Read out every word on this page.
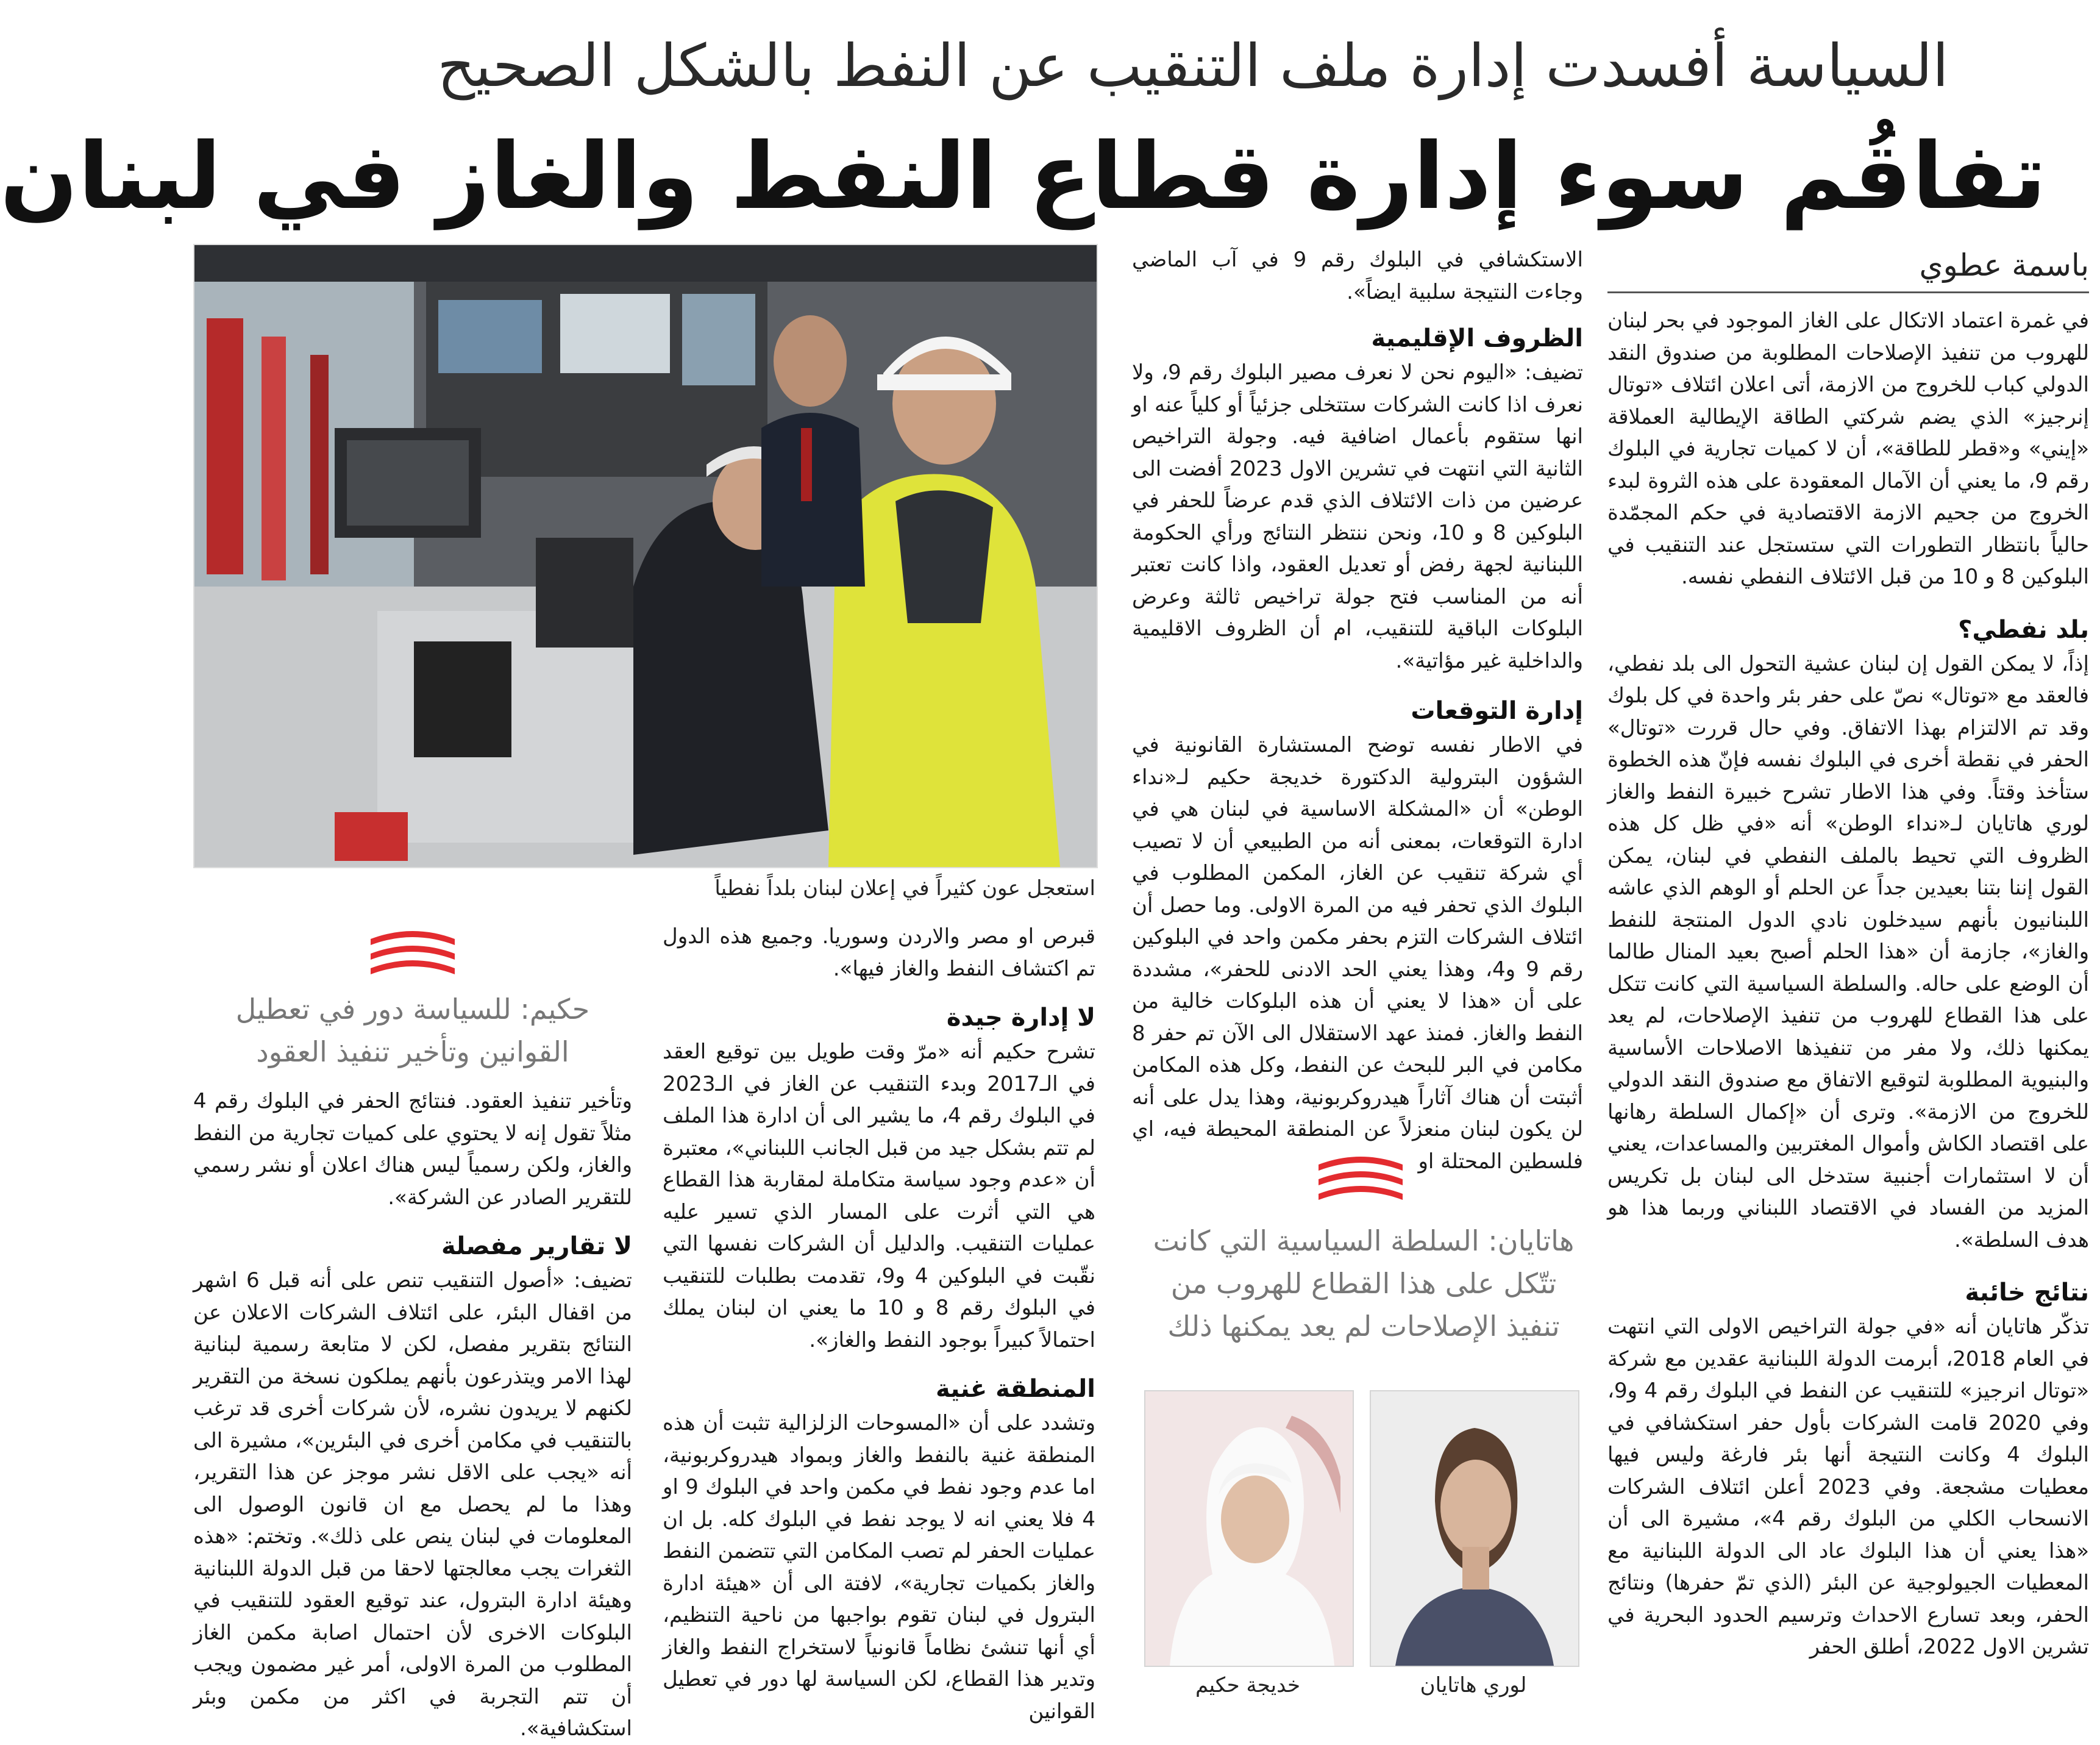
السياسة أفسدت إدارة ملف التنقيب عن النفط بالشكل الصحيح
تفاقُم سوء إدارة قطاع النفط والغاز في لبنان
باسمة عطوي

في غمرة اعتماد الاتكال على الغاز الموجود في بحر لبنان للهروب من تنفيذ الإصلاحات المطلوبة من صندوق النقد الدولي كباب للخروج من الازمة، أتى اعلان ائتلاف «توتال إنرجيز» الذي يضم شركتي الطاقة الإيطالية العملاقة «إيني» و«قطر للطاقة»، أن لا كميات تجارية في البلوك رقم 9، ما يعني أن الآمال المعقودة على هذه الثروة لبدء الخروج من جحيم الازمة الاقتصادية في حكم المجمّدة حالياً بانتظار التطورات التي ستستجل عند التنقيب في البلوكين 8 و 10 من قبل الائتلاف النفطي نفسه.

بلد نفطي؟

إذاً، لا يمكن القول إن لبنان عشية التحول الى بلد نفطي، فالعقد مع «توتال» نصّ على حفر بئر واحدة في كل بلوك وقد تم الالتزام بهذا الاتفاق. وفي حال قررت «توتال» الحفر في نقطة أخرى في البلوك نفسه فإنّ هذه الخطوة ستأخذ وقتاً. وفي هذا الاطار تشرح خبيرة النفط والغاز لوري هاتايان لـ«نداء الوطن» أنه «في ظل كل هذه الظروف التي تحيط بالملف النفطي في لبنان، يمكن القول إننا بتنا بعيدين جداً عن الحلم أو الوهم الذي عاشه اللبنانيون بأنهم سيدخلون نادي الدول المنتجة للنفط والغاز»، جازمة أن «هذا الحلم أصبح بعيد المنال طالما أن الوضع على حاله. والسلطة السياسية التي كانت تتكل على هذا القطاع للهروب من تنفيذ الإصلاحات، لم يعد يمكنها ذلك، ولا مفر من تنفيذها الاصلاحات الأساسية والبنيوية المطلوبة لتوقيع الاتفاق مع صندوق النقد الدولي للخروج من الازمة». وترى أن «إكمال السلطة رهانها على اقتصاد الكاش وأموال المغتربين والمساعدات، يعني أن لا استثمارات أجنبية ستدخل الى لبنان بل تكريس المزيد من الفساد في الاقتصاد اللبناني وربما هذا هو هدف السلطة».

نتائج خائبة

تذكّر هاتايان أنه «في جولة التراخيص الاولى التي انتهت في العام 2018، أبرمت الدولة اللبنانية عقدين مع شركة «توتال انرجيز» للتنقيب عن النفط في البلوك رقم 4 و9، وفي 2020 قامت الشركات بأول حفر استكشافي في البلوك 4 وكانت النتيجة أنها بئر فارغة وليس فيها معطيات مشجعة. وفي 2023 أعلن ائتلاف الشركات الانسحاب الكلي من البلوك رقم 4»، مشيرة الى أن «هذا يعني أن هذا البلوك عاد الى الدولة اللبنانية مع المعطيات الجيولوجية عن البئر (الذي تمّ حفرها) ونتائج الحفر، وبعد تسارع الاحداث وترسيم الحدود البحرية في تشرين الاول 2022، أطلق الحفر

الاستكشافي في البلوك رقم 9 في آب الماضي وجاءت النتيجة سلبية ايضاً».

الظروف الإقليمية

تضيف: «اليوم نحن لا نعرف مصير البلوك رقم 9، ولا نعرف اذا كانت الشركات ستتخلى جزئياً أو كلياً عنه او انها ستقوم بأعمال اضافية فيه. وجولة التراخيص الثانية التي انتهت في تشرين الاول 2023 أفضت الى عرضين من ذات الائتلاف الذي قدم عرضاً للحفر في البلوكين 8 و 10، ونحن ننتظر النتائج ورأي الحكومة اللبنانية لجهة رفض أو تعديل العقود، واذا كانت تعتبر أنه من المناسب فتح جولة تراخيص ثالثة وعرض البلوكات الباقية للتنقيب، ام أن الظروف الاقليمية والداخلية غير مؤاتية».

إدارة التوقعات

في الاطار نفسه توضح المستشارة القانونية في الشؤون البترولية الدكتورة خديجة حكيم لـ«نداء الوطن» أن «المشكلة الاساسية في لبنان هي في ادارة التوقعات، بمعنى أنه من الطبيعي أن لا تصيب أي شركة تنقيب عن الغاز، المكمن المطلوب في البلوك الذي تحفر فيه من المرة الاولى. وما حصل أن ائتلاف الشركات التزم بحفر مكمن واحد في البلوكين رقم 9 و4، وهذا يعني الحد الادنى للحفر»، مشددة على أن «هذا لا يعني أن هذه البلوكات خالية من النفط والغاز. فمنذ عهد الاستقلال الى الآن تم حفر 8 مكامن في البر للبحث عن النفط، وكل هذه المكامن أثبتت أن هناك آثاراً هيدروكربونية، وهذا يدل على أنه لن يكون لبنان منعزلاً عن المنطقة المحيطة فيه، اي فلسطين المحتلة او

هاتايان: السلطة السياسية التي كانت تتّكل على هذا القطاع للهروب من تنفيذ الإصلاحات لم يعد يمكنها ذلك
لوري هاتايان
خديجة حكيم
استعجل عون كثيراً في إعلان لبنان بلداً نفطياً

قبرص او مصر والاردن وسوريا. وجميع هذه الدول تم اكتشاف النفط والغاز فيها».

لا إدارة جيدة

تشرح حكيم أنه «مرّ وقت طويل بين توقيع العقد في الـ2017 وبدء التنقيب عن الغاز في الـ2023 في البلوك رقم 4، ما يشير الى أن ادارة هذا الملف لم تتم بشكل جيد من قبل الجانب اللبناني»، معتبرة أن «عدم وجود سياسة متكاملة لمقاربة هذا القطاع هي التي أثرت على المسار الذي تسير عليه عمليات التنقيب. والدليل أن الشركات نفسها التي نقّبت في البلوكين 4 و9، تقدمت بطلبات للتنقيب في البلوك رقم 8 و 10 ما يعني ان لبنان يملك احتمالاً كبيراً بوجود النفط والغاز».

المنطقة غنية

وتشدد على أن «المسوحات الزلزالية تثبت أن هذه المنطقة غنية بالنفط والغاز وبمواد هيدروكربونية، اما عدم وجود نفط في مكمن واحد في البلوك 9 او 4 فلا يعني انه لا يوجد نفط في البلوك كله. بل ان عمليات الحفر لم تصب المكامن التي تتضمن النفط والغاز بكميات تجارية»، لافتة الى أن «هيئة ادارة البترول في لبنان تقوم بواجبها من ناحية التنظيم، أي أنها تنشئ نظاماً قانونياً لاستخراج النفط والغاز وتدير هذا القطاع، لكن السياسة لها دور في تعطيل القوانين

حكيم: للسياسة دور في تعطيل القوانين وتأخير تنفيذ العقود

وتأخير تنفيذ العقود. فنتائج الحفر في البلوك رقم 4 مثلاً تقول إنه لا يحتوي على كميات تجارية من النفط والغاز، ولكن رسمياً ليس هناك اعلان أو نشر رسمي للتقرير الصادر عن الشركة».

لا تقارير مفصلة

تضيف: «أصول التنقيب تنص على أنه قبل 6 اشهر من اقفال البئر، على ائتلاف الشركات الاعلان عن النتائج بتقرير مفصل، لكن لا متابعة رسمية لبنانية لهذا الامر ويتذرعون بأنهم يملكون نسخة من التقرير لكنهم لا يريدون نشره، لأن شركات أخرى قد ترغب بالتنقيب في مكامن أخرى في البئرين»، مشيرة الى أنه «يجب على الاقل نشر موجز عن هذا التقرير، وهذا ما لم يحصل مع ان قانون الوصول الى المعلومات في لبنان ينص على ذلك». وتختم: «هذه الثغرات يجب معالجتها لاحقا من قبل الدولة اللبنانية وهيئة ادارة البترول، عند توقيع العقود للتنقيب في البلوكات الاخرى لأن احتمال اصابة مكمن الغاز المطلوب من المرة الاولى، أمر غير مضمون ويجب أن تتم التجربة في اكثر من مكمن وبئر استكشافية».
